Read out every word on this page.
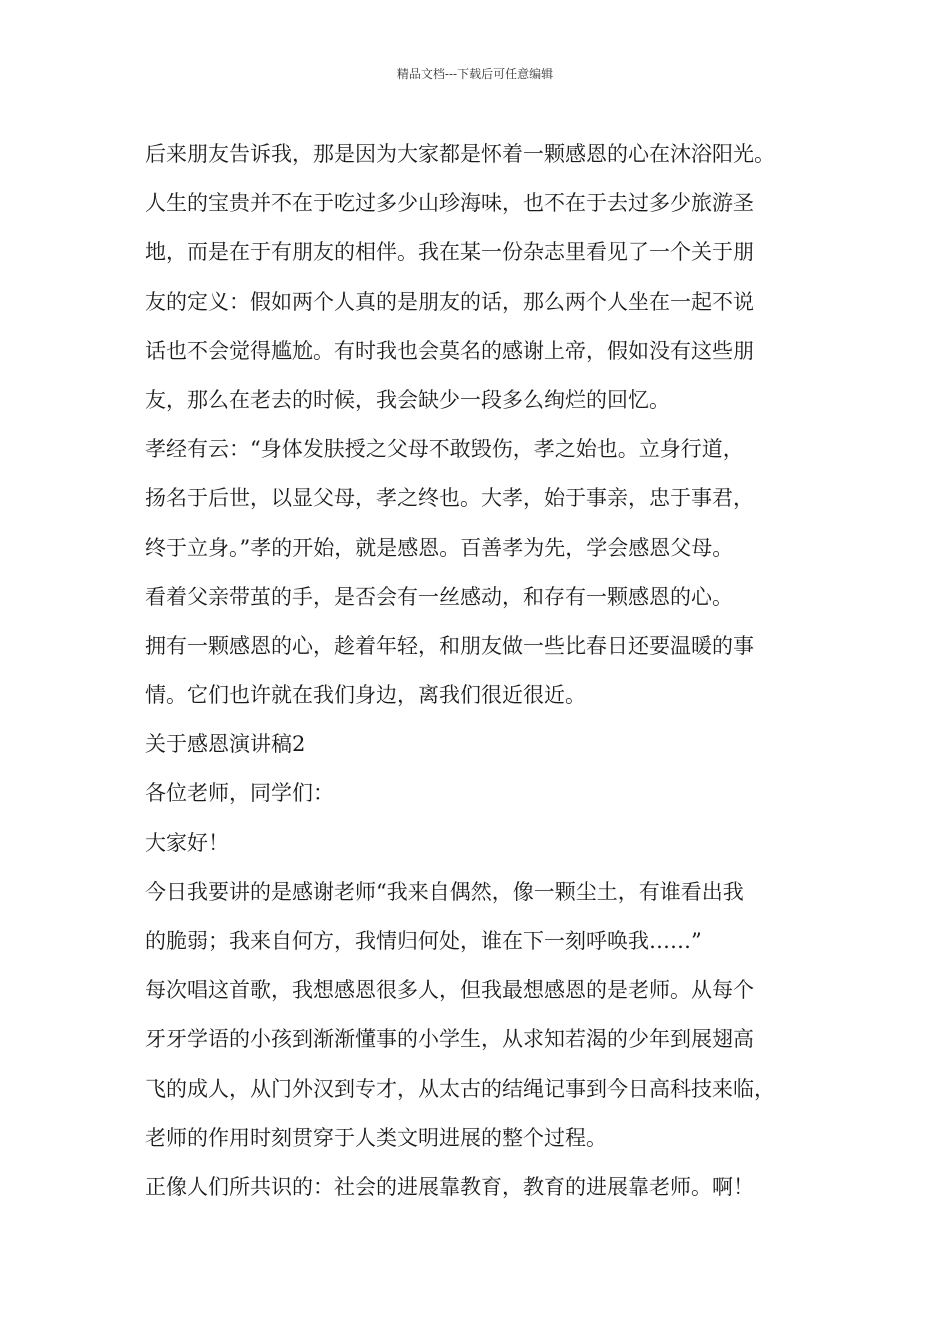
精品文档---下载后可任意编辑
后来朋友告诉我，那是因为大家都是怀着一颗感恩的心在沐浴阳光。
人生的宝贵并不在于吃过多少山珍海味，也不在于去过多少旅游圣
地，而是在于有朋友的相伴。我在某一份杂志里看见了一个关于朋
友的定义：假如两个人真的是朋友的话，那么两个人坐在一起不说
话也不会觉得尴尬。有时我也会莫名的感谢上帝，假如没有这些朋
友，那么在老去的时候，我会缺少一段多么绚烂的回忆。
孝经有云：“身体发肤授之父母不敢毁伤，孝之始也。立身行道，
扬名于后世，以显父母，孝之终也。大孝，始于事亲，忠于事君，
终于立身。”孝的开始，就是感恩。百善孝为先，学会感恩父母。
看着父亲带茧的手，是否会有一丝感动，和存有一颗感恩的心。
拥有一颗感恩的心，趁着年轻，和朋友做一些比春日还要温暖的事
情。它们也许就在我们身边，离我们很近很近。
关于感恩演讲稿2
各位老师，同学们：
大家好！
今日我要讲的是感谢老师“我来自偶然，像一颗尘土，有谁看出我
的脆弱；我来自何方，我情归何处，谁在下一刻呼唤我……”
每次唱这首歌，我想感恩很多人，但我最想感恩的是老师。从每个
牙牙学语的小孩到渐渐懂事的小学生，从求知若渴的少年到展翅高
飞的成人，从门外汉到专才，从太古的结绳记事到今日高科技来临，
老师的作用时刻贯穿于人类文明进展的整个过程。
正像人们所共识的：社会的进展靠教育，教育的进展靠老师。啊！
